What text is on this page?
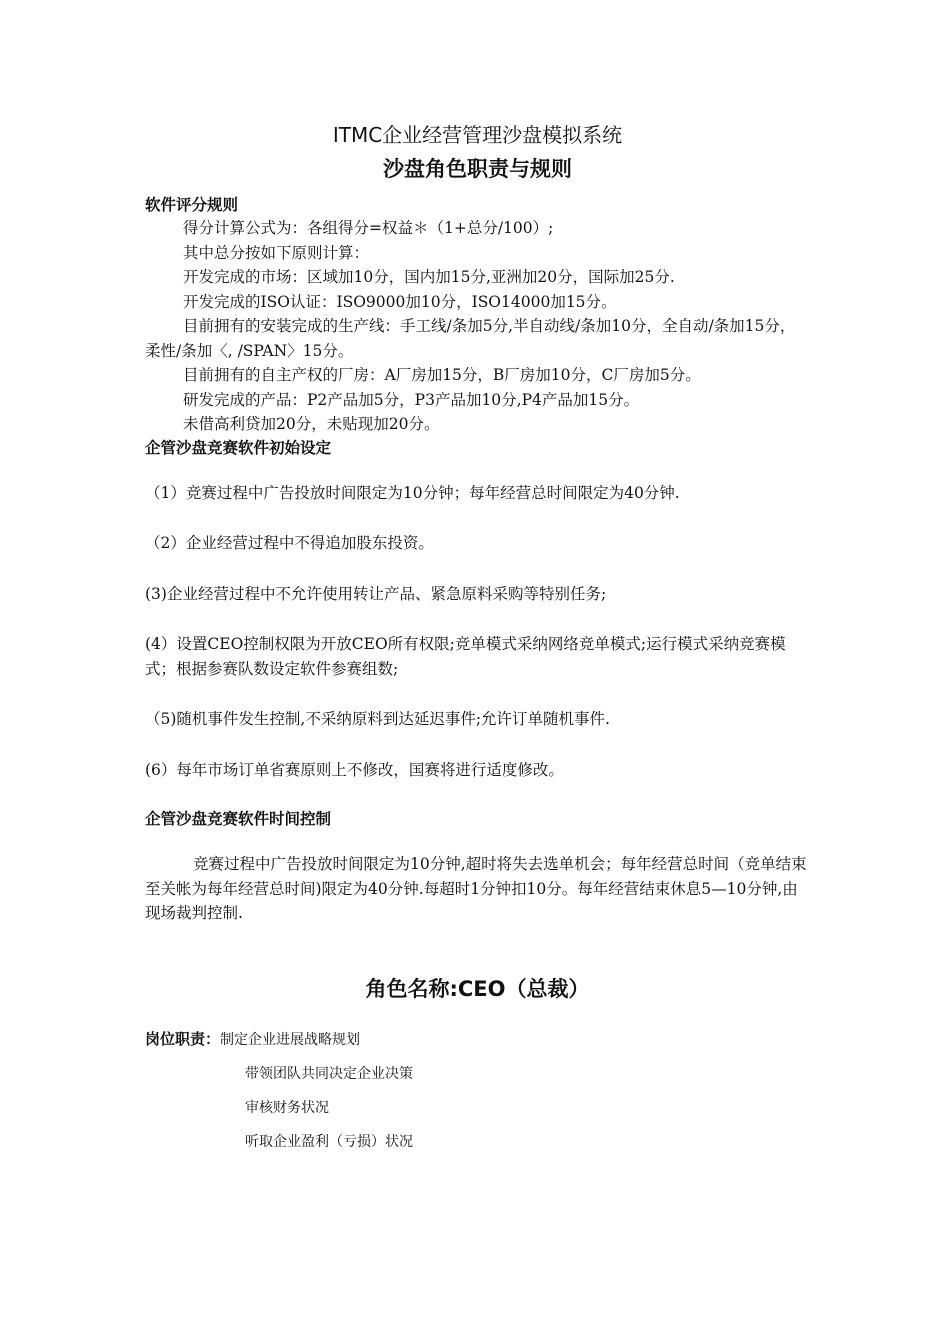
ITMC企业经营管理沙盘模拟系统
沙盘角色职责与规则
软件评分规则

得分计算公式为：各组得分=权益＊（1+总分/100）;

其中总分按如下原则计算：

开发完成的市场：区域加10分，国内加15分,亚洲加20分，国际加25分.

开发完成的ISO认证：ISO9000加10分，ISO14000加15分。

目前拥有的安装完成的生产线：手工线/条加5分,半自动线/条加10分，全自动/条加15分，柔性/条加〈, /SPAN〉15分。

目前拥有的自主产权的厂房：A厂房加15分，B厂房加10分，C厂房加5分。

研发完成的产品：P2产品加5分，P3产品加10分,P4产品加15分。

未借高利贷加20分，未贴现加20分。

企管沙盘竞赛软件初始设定

（1）竞赛过程中广告投放时间限定为10分钟；每年经营总时间限定为40分钟.

（2）企业经营过程中不得追加股东投资。

(3)企业经营过程中不允许使用转让产品、紧急原料采购等特别任务;

(4）设置CEO控制权限为开放CEO所有权限;竞单模式采纳网络竞单模式;运行模式采纳竞赛模式；根据参赛队数设定软件参赛组数;

（5)随机事件发生控制,不采纳原料到达延迟事件;允许订单随机事件.

(6）每年市场订单省赛原则上不修改，国赛将进行适度修改。

企管沙盘竞赛软件时间控制

竞赛过程中广告投放时间限定为10分钟,超时将失去选单机会；每年经营总时间（竞单结束至关帐为每年经营总时间)限定为40分钟.每超时1分钟扣10分。每年经营结束休息5—10分钟,由现场裁判控制.

角色名称:CEO（总裁）

岗位职责：制定企业进展战略规划

带领团队共同决定企业决策

审核财务状况

听取企业盈利（亏损）状况
